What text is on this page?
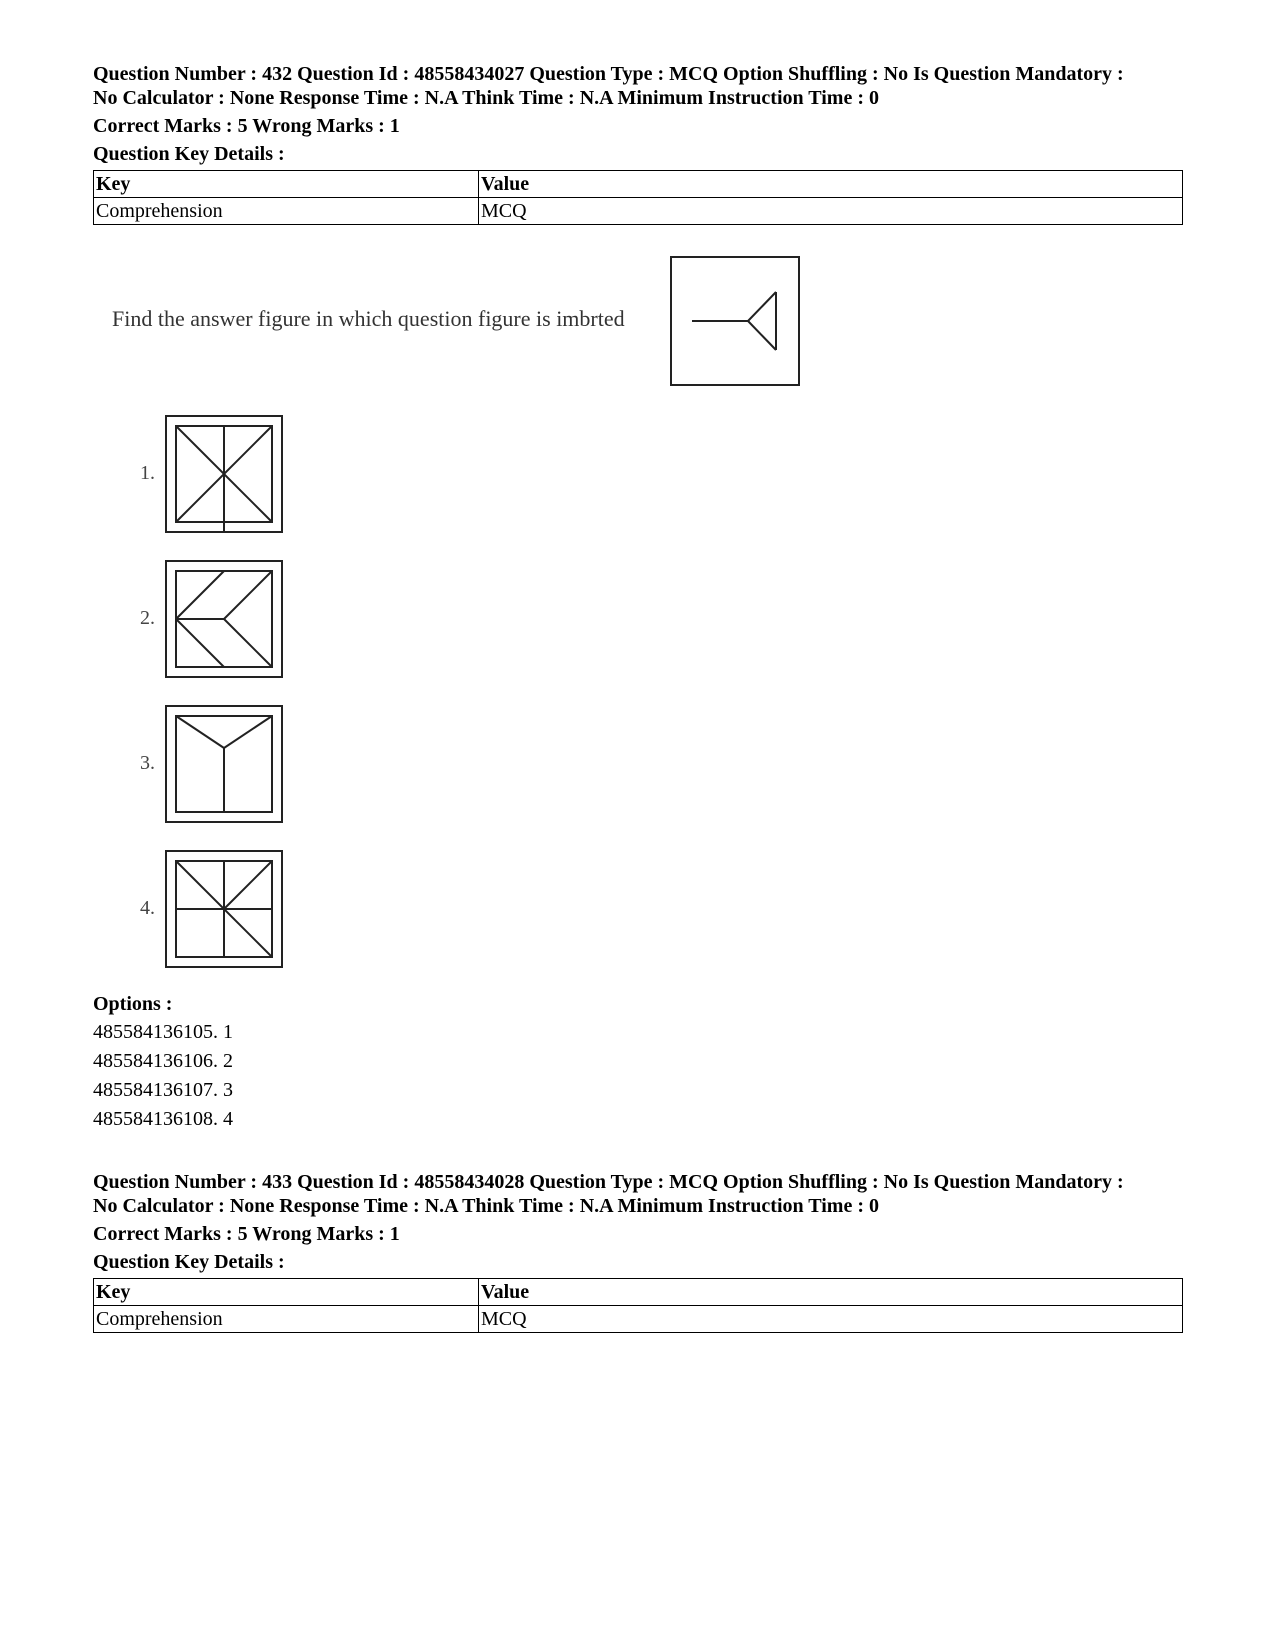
Question Number : 432 Question Id : 48558434027 Question Type : MCQ Option Shuffling : No Is Question Mandatory :

No Calculator : None Response Time : N.A Think Time : N.A Minimum Instruction Time : 0

Correct Marks : 5 Wrong Marks : 1
Question Key Details :
Key	Value
Comprehension	MCQ
Find the answer figure in which question figure is imbrted
1.
2.
3.
4.
Options :
485584136105. 1
485584136106. 2
485584136107. 3
485584136108. 4

Question Number : 433 Question Id : 48558434028 Question Type : MCQ Option Shuffling : No Is Question Mandatory :

No Calculator : None Response Time : N.A Think Time : N.A Minimum Instruction Time : 0

Correct Marks : 5 Wrong Marks : 1
Question Key Details :
Key	Value
Comprehension	MCQ
